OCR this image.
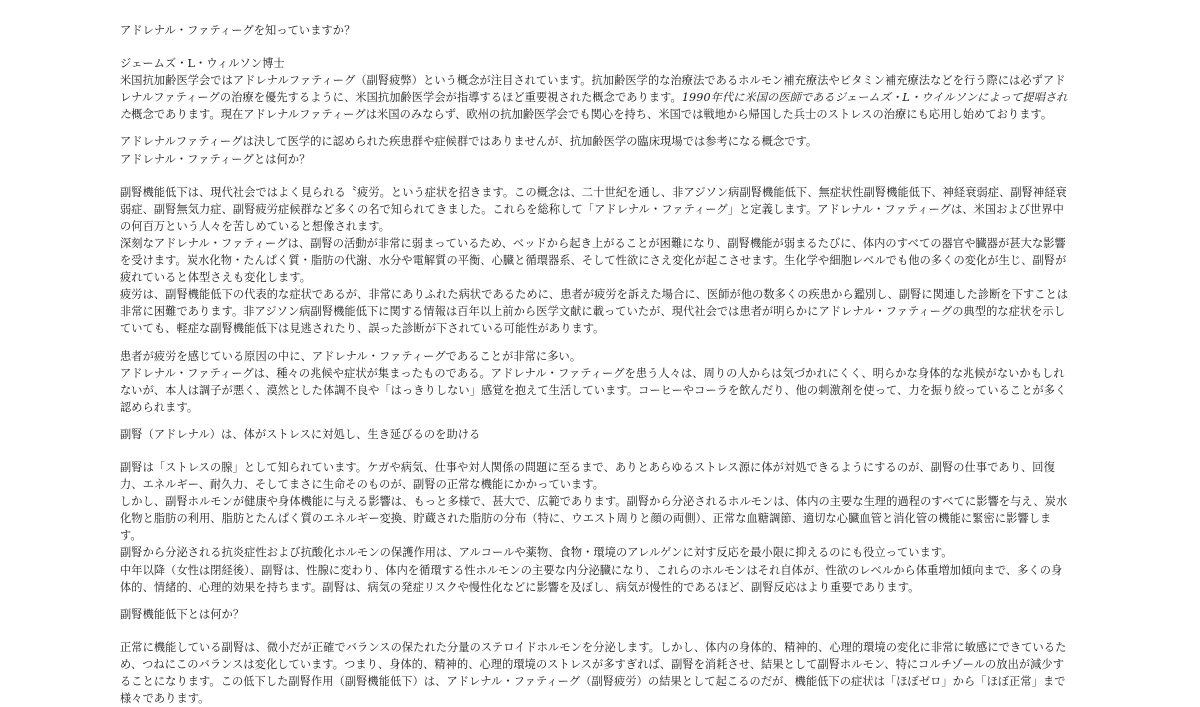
アドレナル・ファティーグを知っていますか？

ジェームズ・L・ウィルソン博士

米国抗加齢医学会ではアドレナルファティーグ（副腎疲弊）という概念が注目されています。抗加齢医学的な治療法であるホルモン補充療法やビタミン補充療法などを行う際には必ずアドレナルファティーグの治療を優先するように、米国抗加齢医学会が指導するほど重要視された概念であります。1990年代に米国の医師であるジェームズ・L・ウイルソンによって提唱された概念であります。現在アドレナルファティーグは米国のみならず、欧州の抗加齢医学会でも関心を持ち、米国では戦地から帰国した兵士のストレスの治療にも応用し始めております。

アドレナルファティーグは決して医学的に認められた疾患群や症候群ではありませんが、抗加齢医学の臨床現場では参考になる概念です。

アドレナル・ファティーグとは何か？

副腎機能低下は、現代社会ではよく見られる〝疲労。という症状を招きます。この概念は、二十世紀を通し、非アジソン病副腎機能低下、無症状性副腎機能低下、神経衰弱症、副腎神経衰弱症、副腎無気力症、副腎疲労症候群など多くの名で知られてきました。これらを総称して「アドレナル・ファティーグ」と定義します。アドレナル・ファティーグは、米国および世界中の何百万という人々を苦しめていると想像されます。

深刻なアドレナル・ファティーグは、副腎の活動が非常に弱まっているため、ベッドから起き上がることが困難になり、副腎機能が弱まるたびに、体内のすべての器官や臓器が甚大な影響を受けます。炭水化物・たんぱく質・脂肪の代謝、水分や電解質の平衡、心臓と循環器系、そして性欲にさえ変化が起こさせます。生化学や細胞レベルでも他の多くの変化が生じ、副腎が疲れていると体型さえも変化します。

疲労は、副腎機能低下の代表的な症状であるが、非常にありふれた病状であるために、患者が疲労を訴えた場合に、医師が他の数多くの疾患から鑑別し、副腎に関連した診断を下すことは非常に困難であります。非アジソン病副腎機能低下に関する情報は百年以上前から医学文献に載っていたが、現代社会では患者が明らかにアドレナル・ファティーグの典型的な症状を示していても、軽症な副腎機能低下は見逃されたり、誤った診断が下されている可能性があります。

患者が疲労を感じている原因の中に、アドレナル・ファティーグであることが非常に多い。

アドレナル・ファティーグは、種々の兆候や症状が集まったものである。アドレナル・ファティーグを患う人々は、周りの人からは気づかれにくく、明らかな身体的な兆候がないかもしれないが、本人は調子が悪く、漠然とした体調不良や「はっきりしない」感覚を抱えて生活しています。コーヒーやコーラを飲んだり、他の刺激剤を使って、力を振り絞っていることが多く認められます。

副腎（アドレナル）は、体がストレスに対処し、生き延びるのを助ける

副腎は「ストレスの腺」として知られています。ケガや病気、仕事や対人関係の問題に至るまで、ありとあらゆるストレス源に体が対処できるようにするのが、副腎の仕事であり、回復力、エネルギー、耐久力、そしてまさに生命そのものが、副腎の正常な機能にかかっています。

しかし、副腎ホルモンが健康や身体機能に与える影響は、もっと多様で、甚大で、広範であります。副腎から分泌されるホルモンは、体内の主要な生理的過程のすべてに影響を与え、炭水化物と脂肪の利用、脂肪とたんぱく質のエネルギー変換、貯蔵された脂肪の分布（特に、ウエスト周りと顔の両側）、正常な血糖調節、適切な心臓血管と消化管の機能に緊密に影響します。

副腎から分泌される抗炎症性および抗酸化ホルモンの保護作用は、アルコールや薬物、食物・環境のアレルゲンに対す反応を最小限に抑えるのにも役立っています。

中年以降（女性は閉経後）、副腎は、性腺に変わり、体内を循環する性ホルモンの主要な内分泌臓になり、これらのホルモンはそれ自体が、性欲のレベルから体重増加傾向まで、多くの身体的、情緒的、心理的効果を持ちます。副腎は、病気の発症リスクや慢性化などに影響を及ぼし、病気が慢性的であるほど、副腎反応はより重要であります。

副腎機能低下とは何か？

正常に機能している副腎は、微小だが正確でバランスの保たれた分量のステロイドホルモンを分泌します。しかし、体内の身体的、精神的、心理的環境の変化に非常に敏感にできているため、つねにこのバランスは変化しています。つまり、身体的、精神的、心理的環境のストレスが多すぎれば、副腎を消耗させ、結果として副腎ホルモン、特にコルチゾールの放出が減少することになります。この低下した副腎作用（副腎機能低下）は、アドレナル・ファティーグ（副腎疲労）の結果として起こるのだが、機能低下の症状は「ほぼゼロ」から「ほぼ正常」まで様々であります。
